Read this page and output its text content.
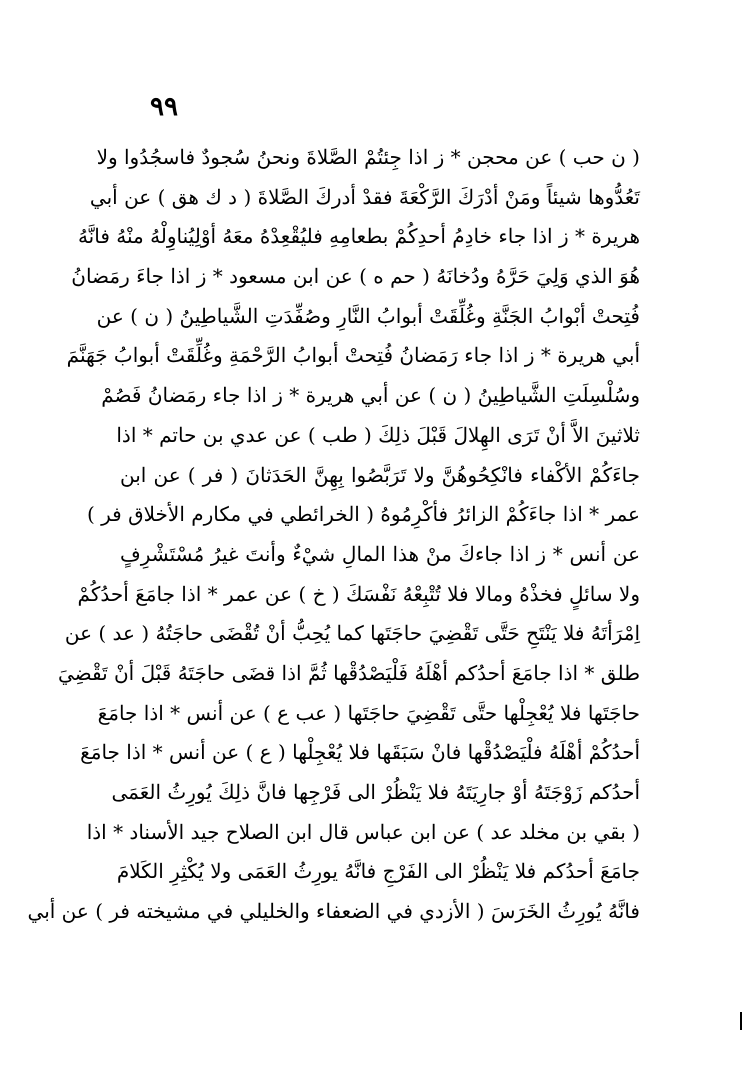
٩٩
( ن حب ) عن محجن * ز اذا جِئتُمْ الصَّلاةَ ونحنُ سُجودٌ فاسجُدُوا ولا
تَعُدُّوها شيئاً ومَنْ أدْرَكَ الرَّكْعَةَ فقدْ أدركَ الصَّلاةَ ( د ك هق ) عن أبي
هريرة * ز اذا جاء خادِمُ أحدِكُمْ بطعامِهِ فليُقْعِدْهُ معَهُ أوْلِيُناوِلْهُ منْهُ فانَّهُ
هُوَ الذي وَلِيَ حَرَّهُ ودُخانَهُ ( حم ه ) عن ابن مسعود * ز اذا جاءَ رمَضانُ
فُتِحتْ أبْوابُ الجَنَّةِ وغُلِّقَتْ أبوابُ النَّارِ وصُفِّدَتِ الشَّياطِينُ ( ن ) عن
أبي هريرة * ز اذا جاء رَمَضانُ فُتِحتْ أبوابُ الرَّحْمَةِ وغُلِّقَتْ أبوابُ جَهَنَّمَ
وسُلْسِلَتِ الشَّياطِينُ ( ن ) عن أبي هريرة * ز اذا جاء رمَضانُ فَصُمْ
ثلاثينَ الاَّ أنْ تَرَى الهِلالَ قَبْلَ ذلِكَ ( طب ) عن عدي بن حاتم * اذا
جاءَكُمْ الأكْفاء فانْكِحُوهُنَّ ولا تَرَبَّصُوا بِهِنَّ الحَدَثانَ ( فر ) عن ابن
عمر * اذا جاءَكُمْ الزائرُ فأكْرِمُوهُ ( الخرائطي في مكارم الأخلاق فر )
عن أنس * ز اذا جاءكَ منْ هذا المالِ شيْءٌ وأنتَ غيرُ مُسْتَشْرِفٍ
ولا سائلٍ فخذْهُ ومالا فلا تُتْبِعْهُ نَفْسَكَ ( خ ) عن عمر * اذا جامَعَ أحدُكُمْ
اِمْرَأتَهُ فلا يَنْتَحِ حَتَّى تَقْضِيَ حاجَتَها كما يُحِبُّ أنْ تُقْضَى حاجَتُهُ ( عد ) عن
طلق * اذا جامَعَ أحدُكم أهْلَهُ فَلْيَصْدُقْها ثُمَّ اذا قضَى حاجَتَهُ قَبْلَ أنْ تَقْضِيَ
حاجَتَها فلا يُعْجِلْها حتَّى تَقْضِيَ حاجَتَها ( عب ع ) عن أنس * اذا جامَعَ
أحدُكُمْ أهْلَهُ فلْيَصْدُقْها فانْ سَبَقَها فلا يُعْجِلْها ( ع ) عن أنس * اذا جامَعَ
أحدُكم زَوْجَتَهُ أوْ جارِيَتَهُ فلا يَنْظُرْ الى فَرْجِها فانَّ ذلِكَ يُورِثُ العَمَى
( بقي بن مخلد عد ) عن ابن عباس قال ابن الصلاح جيد الأسناد * اذا
جامَعَ أحدُكم فلا يَنْظُرْ الى الفَرْجِ فانَّهُ يورِثُ العَمَى ولا يُكْثِرِ الكَلامَ
فانَّهُ يُورِثُ الخَرَسَ ( الأزدي في الضعفاء والخليلي في مشيخته فر ) عن أبي
